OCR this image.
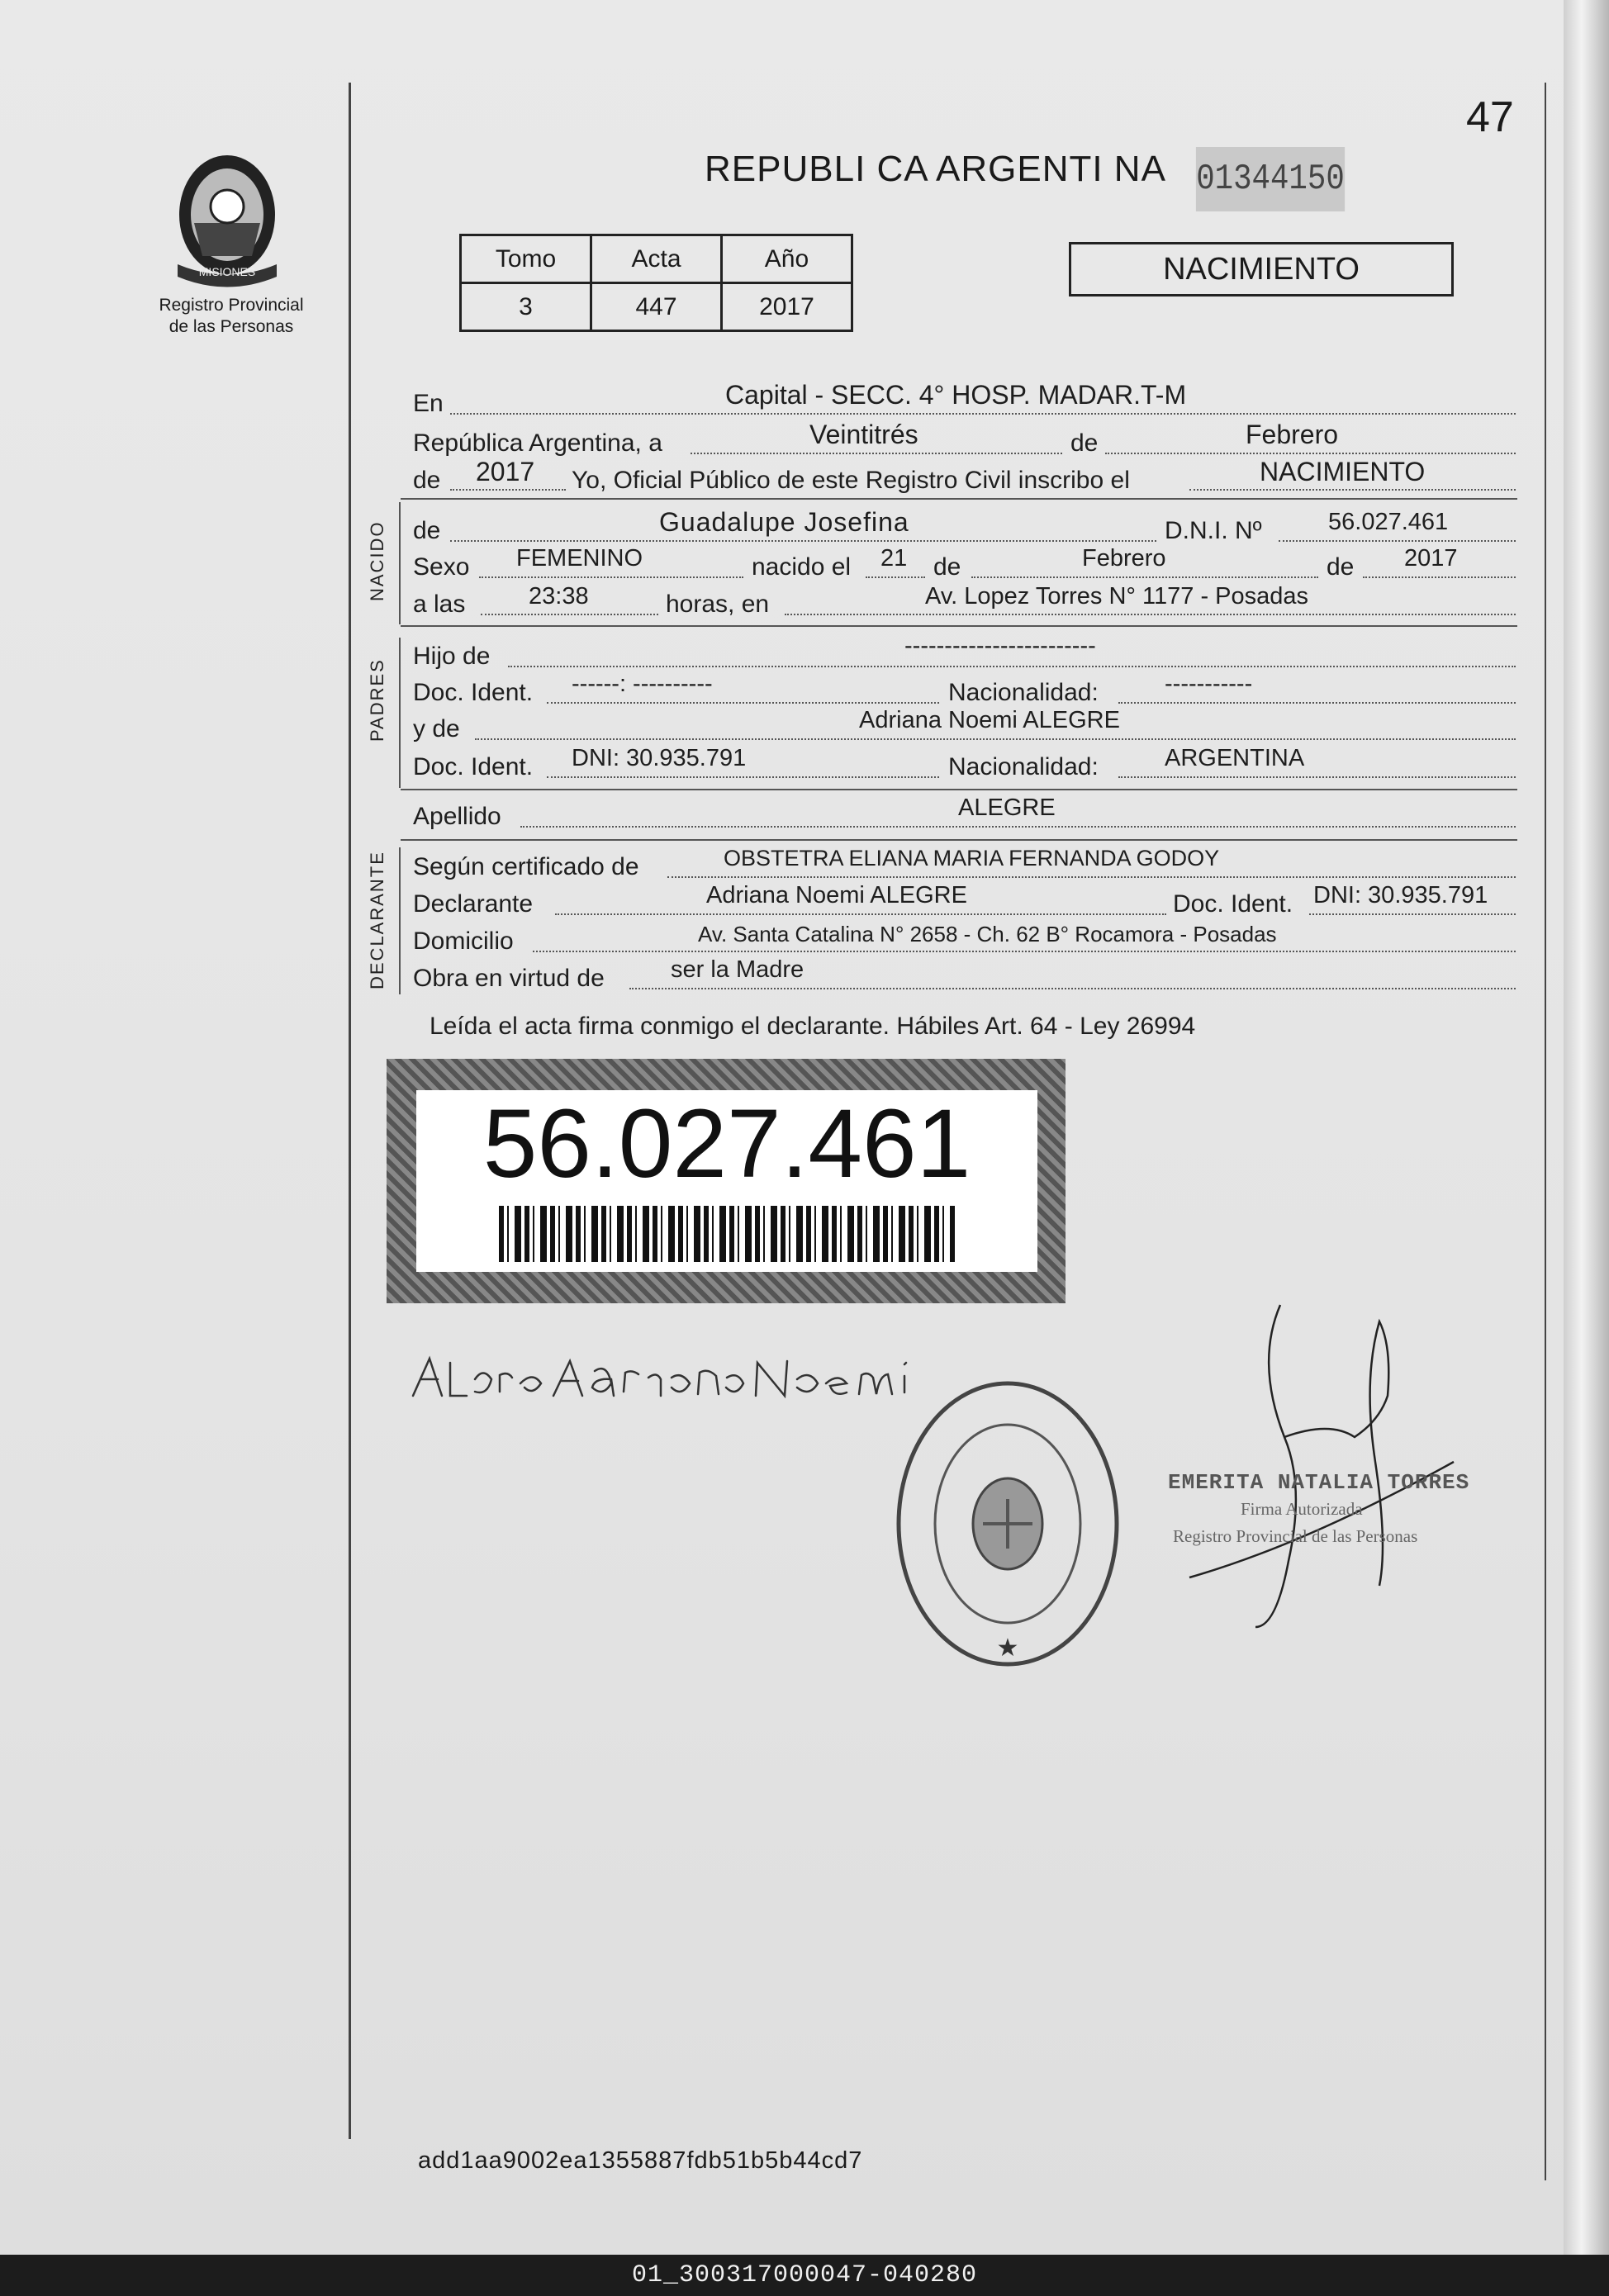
47
MISIONES
Registro Provincial
de las Personas
REPUBLI CA ARGENTI NA 01344150
Tomo	Acta	Año
3	447	2017
NACIMIENTO
En	Capital - SECC. 4° HOSP. MADAR.T-M
República Argentina, a	Veintitrés	de	Febrero
de 2017 Yo, Oficial Público de este Registro Civil inscribo el	NACIMIENTO
NACIDO de	Guadalupe Josefina	D.N.I. Nº	56.027.461
Sexo FEMENINO	nacido el 21 de	Febrero	de 2017
a las	23:38	horas, en	Av. Lopez Torres N° 1177 - Posadas
PADRES
Hijo de	------------------------
Doc. Ident. ------: ----------	Nacionalidad:	-----------
y de	Adriana Noemi ALEGRE
Doc. Ident. DNI: 30.935.791	Nacionalidad:	ARGENTINA
Apellido	ALEGRE
DECLARANTE Según certificado de	OBSTETRA ELIANA MARIA FERNANDA GODOY
Declarante	Adriana Noemi ALEGRE	Doc. Ident. DNI: 30.935.791
Domicilio	Av. Santa Catalina N° 2658 - Ch. 62 B° Rocamora - Posadas
Obra en virtud de	ser la Madre
Leída el acta firma conmigo el declarante. Hábiles Art. 64 - Ley 26994
56.027.461
★
EMERITA NATALIA TORRES
Firma Autorizada
Registro Provincial de las Personas
add1aa9002ea1355887fdb51b5b44cd7
01_300317000047-040280
